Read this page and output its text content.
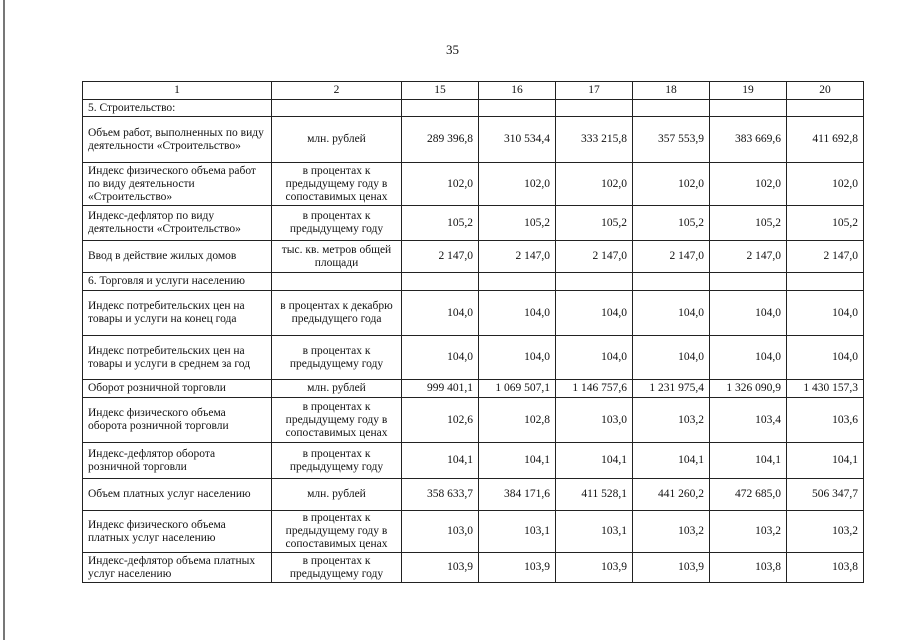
35
1	2	15	16	17	18	19	20
5. Строительство:							
Объем работ, выполненных по виду деятельности «Строительство»	млн. рублей	289 396,8	310 534,4	333 215,8	357 553,9	383 669,6	411 692,8
Индекс физического объема работ по виду деятельности «Строительство»	в процентах к предыдущему году в сопоставимых ценах	102,0	102,0	102,0	102,0	102,0	102,0
Индекс-дефлятор по виду деятельности «Строительство»	в процентах к предыдущему году	105,2	105,2	105,2	105,2	105,2	105,2
Ввод в действие жилых домов	тыс. кв. метров общей площади	2 147,0	2 147,0	2 147,0	2 147,0	2 147,0	2 147,0
6. Торговля и услуги населению							
Индекс потребительских цен на товары и услуги на конец года	в процентах к декабрю предыдущего года	104,0	104,0	104,0	104,0	104,0	104,0
Индекс потребительских цен на товары и услуги в среднем за год	в процентах к предыдущему году	104,0	104,0	104,0	104,0	104,0	104,0
Оборот розничной торговли	млн. рублей	999 401,1	1 069 507,1	1 146 757,6	1 231 975,4	1 326 090,9	1 430 157,3
Индекс физического объема оборота розничной торговли	в процентах к предыдущему году в сопоставимых ценах	102,6	102,8	103,0	103,2	103,4	103,6
Индекс-дефлятор оборота розничной торговли	в процентах к предыдущему году	104,1	104,1	104,1	104,1	104,1	104,1
Объем платных услуг населению	млн. рублей	358 633,7	384 171,6	411 528,1	441 260,2	472 685,0	506 347,7
Индекс физического объема платных услуг населению	в процентах к предыдущему году в сопоставимых ценах	103,0	103,1	103,1	103,2	103,2	103,2
Индекс-дефлятор объема платных услуг населению	в процентах к предыдущему году	103,9	103,9	103,9	103,9	103,8	103,8
